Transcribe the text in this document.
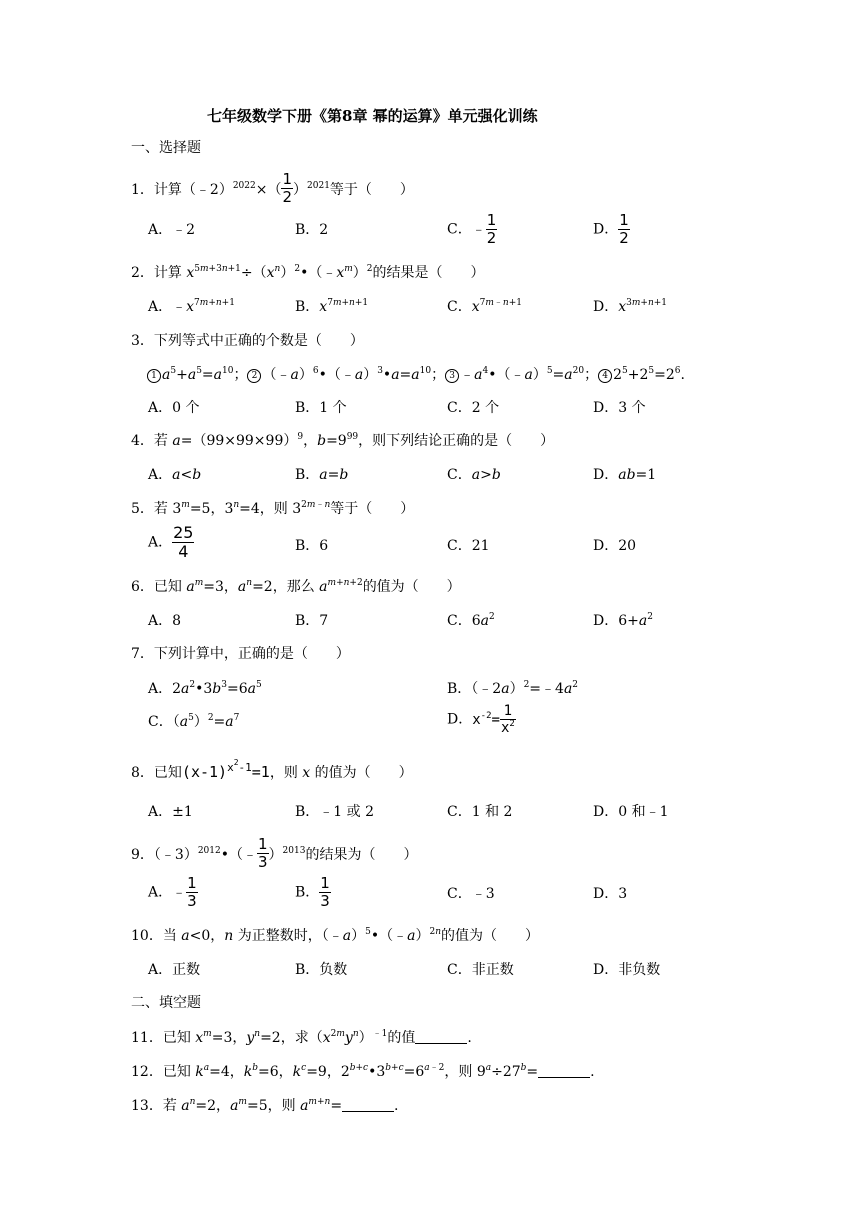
七年级数学下册《第8章 幂的运算》单元强化训练
一、选择题
1．计算（﹣2）$^{2022}$×（ $\frac{1}{2} )^{2021}$等于（　　）
A．﹣2	B．2	C．﹣ $\frac{1}{2}$	D． $\frac{1}{2}$
2．计算 $x^{5m+3n+1}\div(x^n)^2•(﹣x^m)^2$的结果是（　　）
A．$﹣x^{7m+n+1}$	B．$x^{7m+n+1}$	C．$x^{7m﹣n+1}$	D．$x^{3m+n+1}$
3．下列等式中正确的个数是（　　）
1 $a^5+a^5=a^{10}$； 2 $(﹣a)^6•(﹣a)^3•a=a^{10}$； 3 $﹣a^4•(﹣a)^5=a^{20}$； 4 $2^5+2^5=2^6$.
A．0 个	B．1 个	C．2 个	D．3 个
4．若 $a=(99\times 99\times 99)^9$，$b=9^{99}$，则下列结论正确的是（　　）
A．a<b	B．a=b	C．a>b	D．ab=1
5．若 $3^m=5$，$3^n=4$，则 $3^{2m﹣n}$等于（　　）
A． $\frac{25}{4}$	B．6	C．21	D．20
6．已知 $a^m=3$，$a^n=2$，那么 $a^{m+n+2}$的值为（　　）
A．8	B．7	C．$6a^2$	D．$6+a^2$
7．下列计算中，正确的是（　　）
A．$2a^2•3b^3=6a^5$	B．$(﹣2a)^2=﹣4a^2$
C．$(a^5)^2=a^7$	D．$x^{-2}= \frac{1}{x^2}$
8．已知$(x-1)^{x^2-1}=1$，则 x 的值为（　　）
A．±1	B．﹣1 或 2	C．1 和 2	D．0 和﹣1
9．（﹣3）$^{2012}$•（﹣ $\frac{1}{3} )^{2013}$的结果为（　　）
A．﹣ $\frac{1}{3}$	B． $\frac{1}{3}$	C．﹣3	D．3
10．当 a<0，n 为正整数时，（﹣a）$^5$•（﹣a）$^{2n}$的值为（　　）
A．正数	B．负数	C．非正数	D．非负数
二、填空题
11．已知 $x^m=3$，$y^n=2$，求$(x^{2m}y^n)^{﹣1}$的值	.
12．已知 $k^a=4$，$k^b=6$，$k^c=9$，$2^{b+c}•3^{b+c}=6^{a﹣2}$，则 $9^a\div 27^b=$	.
13．若 $a^n=2$，$a^m=5$，则 $a^{m+n}=$	.
